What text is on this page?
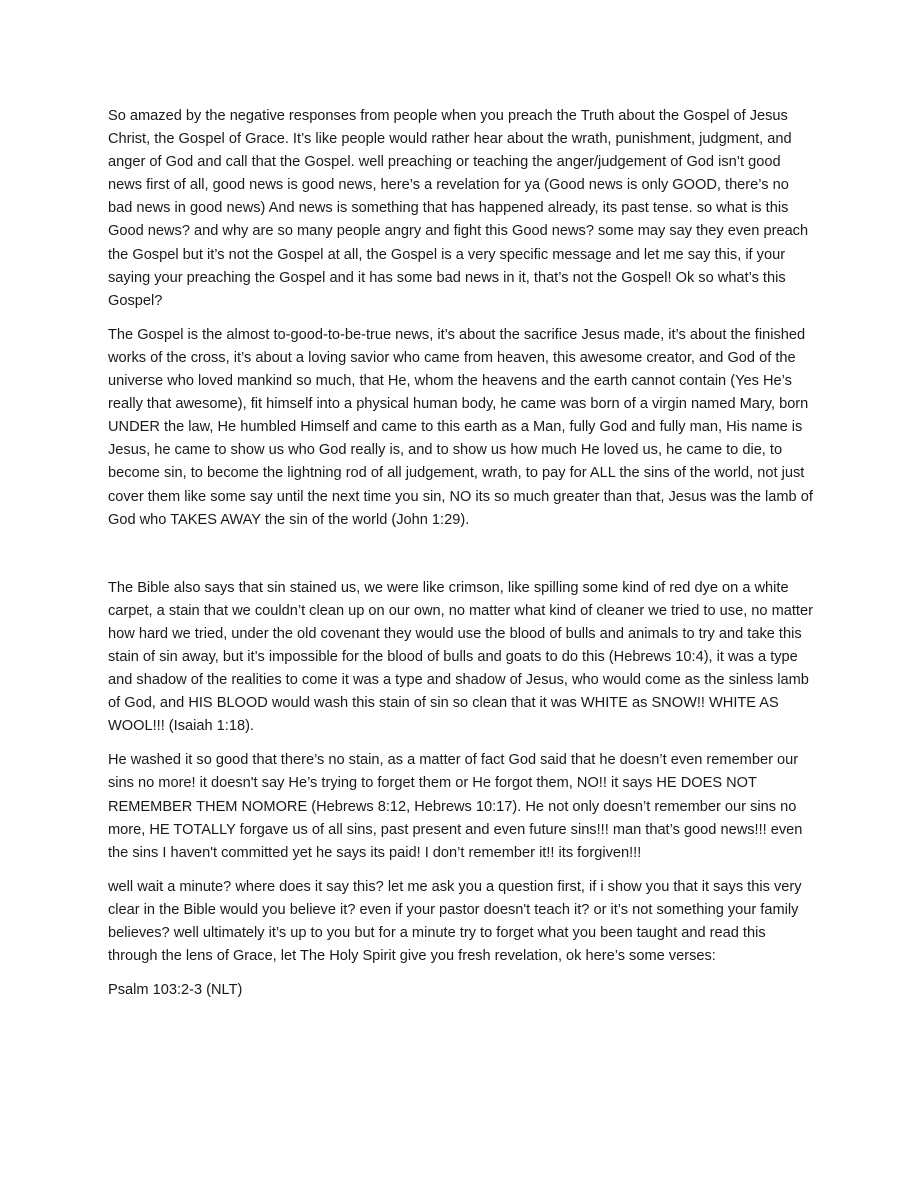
So amazed by the negative responses from people when you preach the Truth about the Gospel of Jesus Christ, the Gospel of Grace. It’s like people would rather hear about the wrath, punishment, judgment, and anger of God and call that the Gospel. well preaching or teaching the anger/judgement of God isn’t good news first of all, good news is good news, here’s a revelation for ya (Good news is only GOOD, there’s no bad news in good news) And news is something that has happened already, its past tense. so what is this Good news? and why are so many people angry and fight this Good news? some may say they even preach the Gospel but it’s not the Gospel at all, the Gospel is a very specific message and let me say this, if your saying your preaching the Gospel and it has some bad news in it, that’s not the Gospel! Ok so what’s this Gospel?

The Gospel is the almost to-good-to-be-true news, it’s about the sacrifice Jesus made, it’s about the finished works of the cross, it’s about a loving savior who came from heaven, this awesome creator, and God of the universe who loved mankind so much, that He, whom the heavens and the earth cannot contain (Yes He’s really that awesome), fit himself into a physical human body, he came was born of a virgin named Mary, born UNDER the law, He humbled Himself and came to this earth as a Man, fully God and fully man, His name is Jesus, he came to show us who God really is, and to show us how much He loved us, he came to die, to become sin, to become the lightning rod of all judgement, wrath, to pay for ALL the sins of the world, not just cover them like some say until the next time you sin, NO its so much greater than that, Jesus was the lamb of God who TAKES AWAY the sin of the world (John 1:29).

The Bible also says that sin stained us, we were like crimson, like spilling some kind of red dye on a white carpet, a stain that we couldn’t clean up on our own, no matter what kind of cleaner we tried to use, no matter how hard we tried, under the old covenant they would use the blood of bulls and animals to try and take this stain of sin away, but it’s impossible for the blood of bulls and goats to do this (Hebrews 10:4), it was a type and shadow of the realities to come it was a type and shadow of Jesus, who would come as the sinless lamb of God, and HIS BLOOD would wash this stain of sin so clean that it was WHITE as SNOW!! WHITE AS WOOL!!! (Isaiah 1:18).

He washed it so good that there’s no stain, as a matter of fact God said that he doesn’t even remember our sins no more! it doesn't say He’s trying to forget them or He forgot them, NO!! it says HE DOES NOT REMEMBER THEM NOMORE (Hebrews 8:12, Hebrews 10:17). He not only doesn’t remember our sins no more, HE TOTALLY forgave us of all sins, past present and even future sins!!! man that’s good news!!! even the sins I haven't committed yet he says its paid! I don’t remember it!! its forgiven!!!

well wait a minute? where does it say this? let me ask you a question first, if i show you that it says this very clear in the Bible would you believe it? even if your pastor doesn't teach it? or it’s not something your family believes? well ultimately it’s up to you but for a minute try to forget what you been taught and read this through the lens of Grace, let The Holy Spirit give you fresh revelation, ok here’s some verses:

Psalm 103:2-3 (NLT)
